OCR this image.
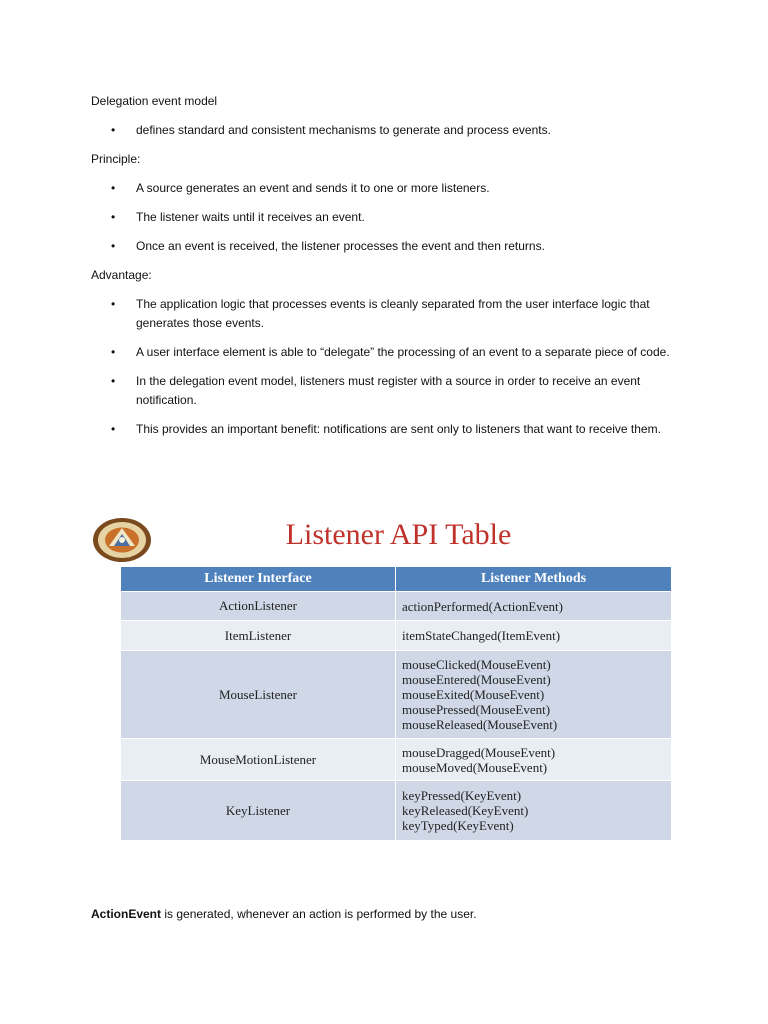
Delegation event model
•	defines standard and consistent mechanisms to generate and process events.
Principle:
•	A source generates an event and sends it to one or more listeners.
•	The listener waits until it receives an event.
•	Once an event is received, the listener processes the event and then returns.
Advantage:
•	The application logic that processes events is cleanly separated from the user interface logic that generates those events.
•	A user interface element is able to “delegate” the processing of an event to a separate piece of code.
•	In the delegation event model, listeners must register with a source in order to receive an event notification.
•	This provides an important benefit: notifications are sent only to listeners that want to receive them.
Listener API Table
Listener Interface	Listener Methods
ActionListener	actionPerformed(ActionEvent)

ItemListener	itemStateChanged(ItemEvent)

MouseListener	mouseClicked(MouseEvent)
mouseEntered(MouseEvent)
mouseExited(MouseEvent)
mousePressed(MouseEvent)
mouseReleased(MouseEvent)

MouseMotionListener	mouseDragged(MouseEvent)
mouseMoved(MouseEvent)

KeyListener	keyPressed(KeyEvent)
keyReleased(KeyEvent)
keyTyped(KeyEvent)
ActionEvent is generated, whenever an action is performed by the user.
